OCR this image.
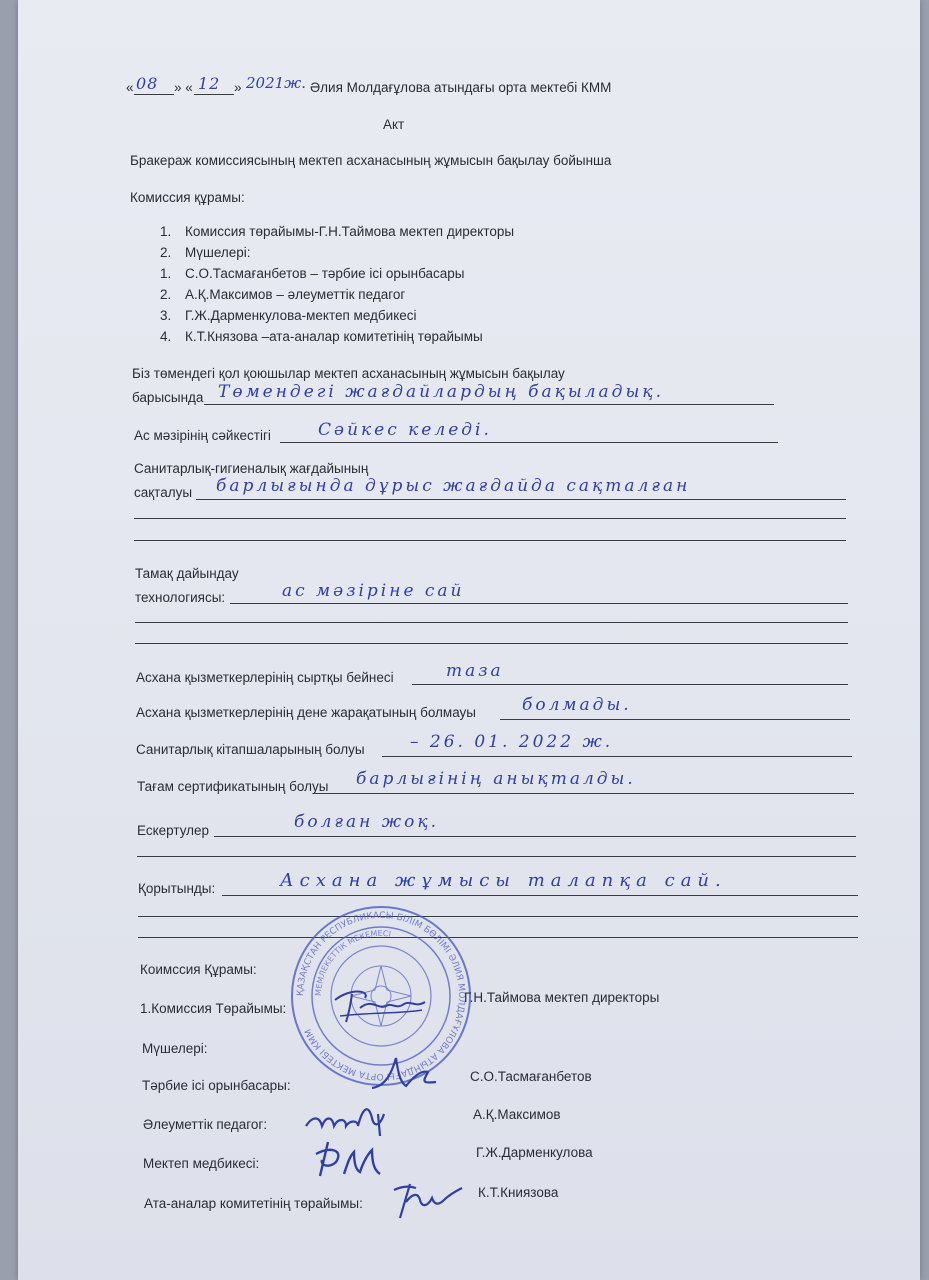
« 08 » « 12 » 2021ж. Әлия Молдағұлова атындағы орта мектебі КММ
Акт
Бракераж комиссиясының мектеп асханасының жұмысын бақылау бойынша
Комиссия құрамы:
1. Комиссия төрайымы-Г.Н.Таймова мектеп директоры
2. Мүшелері:
1. С.О.Тасмағанбетов – тәрбие ісі орынбасары
2. А.Қ.Максимов – әлеуметтік педагог
3. Г.Ж.Дарменкулова-мектеп медбикесі
4. К.Т.Князова –ата-аналар комитетінің төрайымы
Біз төмендегі қол қоюшылар мектеп асханасының жұмысын бақылау
барысында Төмендегі жағдайлардың бақыладық.
Ас мәзірінің сәйкестігі	Сәйкес келеді.
Санитарлық-гигиеналық жағдайының
сақталуы барлығында дұрыс жағдайда сақталған
Тамақ дайындау
технологиясы:	ас мәзіріне сай
Асхана қызметкерлерінің сыртқы бейнесі	таза
Асхана қызметкерлерінің дене жарақатының болмауы	болмады.
Санитарлық кітапшаларының болуы	– 26. 01. 2022 ж.
Тағам сертификатының болуы барлығінің анықталды.
Ескертулер	болған жоқ.
Қорытынды:	Асхана жұмысы талапқа сай.
ҚАЗАҚСТАН РЕСПУБЛИКАСЫ БІЛІМ БӨЛІМІ ӘЛИЯ МОЛДАҒҰЛОВА АТЫНДАҒЫ ОРТА МЕКТЕБІ КММ
МЕМЛЕКЕТТІК МЕКЕМЕСІ
Коимссия Құрамы:
1.Комиссия Төрайымы:
Г.Н.Таймова мектеп директоры
Мүшелері:
Тәрбие ісі орынбасары:
С.О.Тасмағанбетов
Әлеуметтік педагог:
А.Қ.Максимов
Мектеп медбикесі:
Г.Ж.Дарменкулова
Ата-аналар комитетінің төрайымы:
К.Т.Книязова
